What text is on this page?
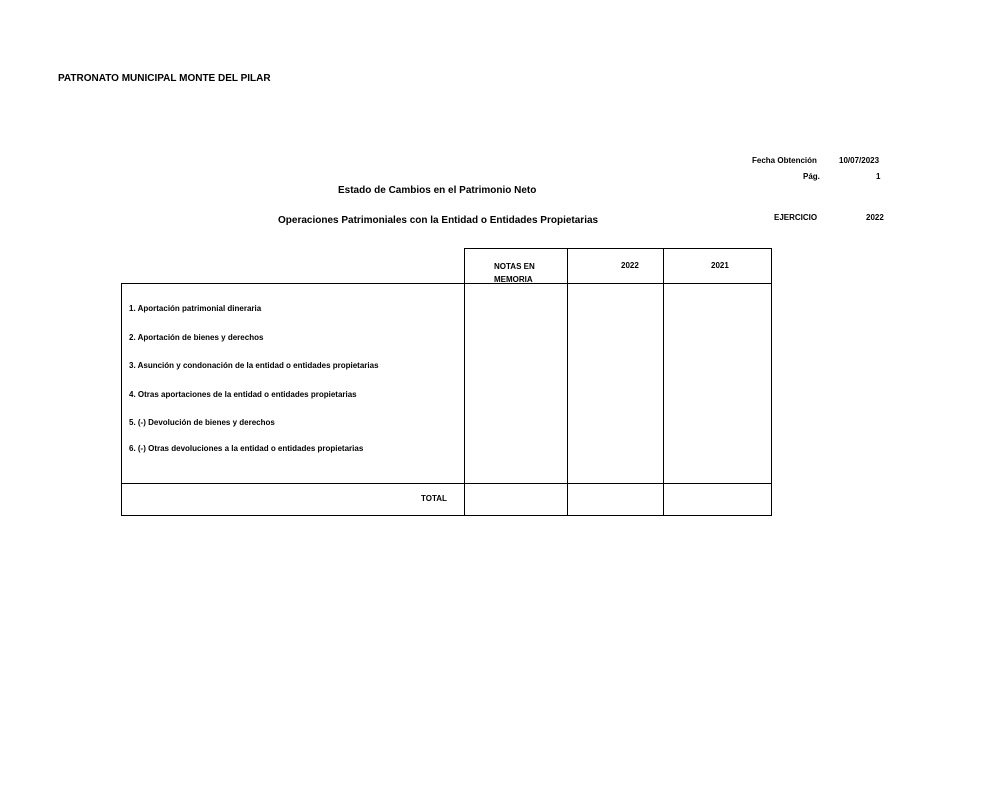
PATRONATO MUNICIPAL MONTE DEL PILAR
Fecha Obtención	10/07/2023
Pág.	1
Estado de Cambios en el Patrimonio Neto
Operaciones Patrimoniales con la Entidad o Entidades Propietarias	EJERCICIO	2022
NOTAS EN
MEMORIA
2022	2021
1. Aportación patrimonial dineraria
2. Aportación de bienes y derechos
3. Asunción y condonación de la entidad o entidades propietarias
4. Otras aportaciones de la entidad o entidades propietarias
5. (-) Devolución de bienes y derechos
6. (-) Otras devoluciones a la entidad o entidades propietarias
TOTAL
